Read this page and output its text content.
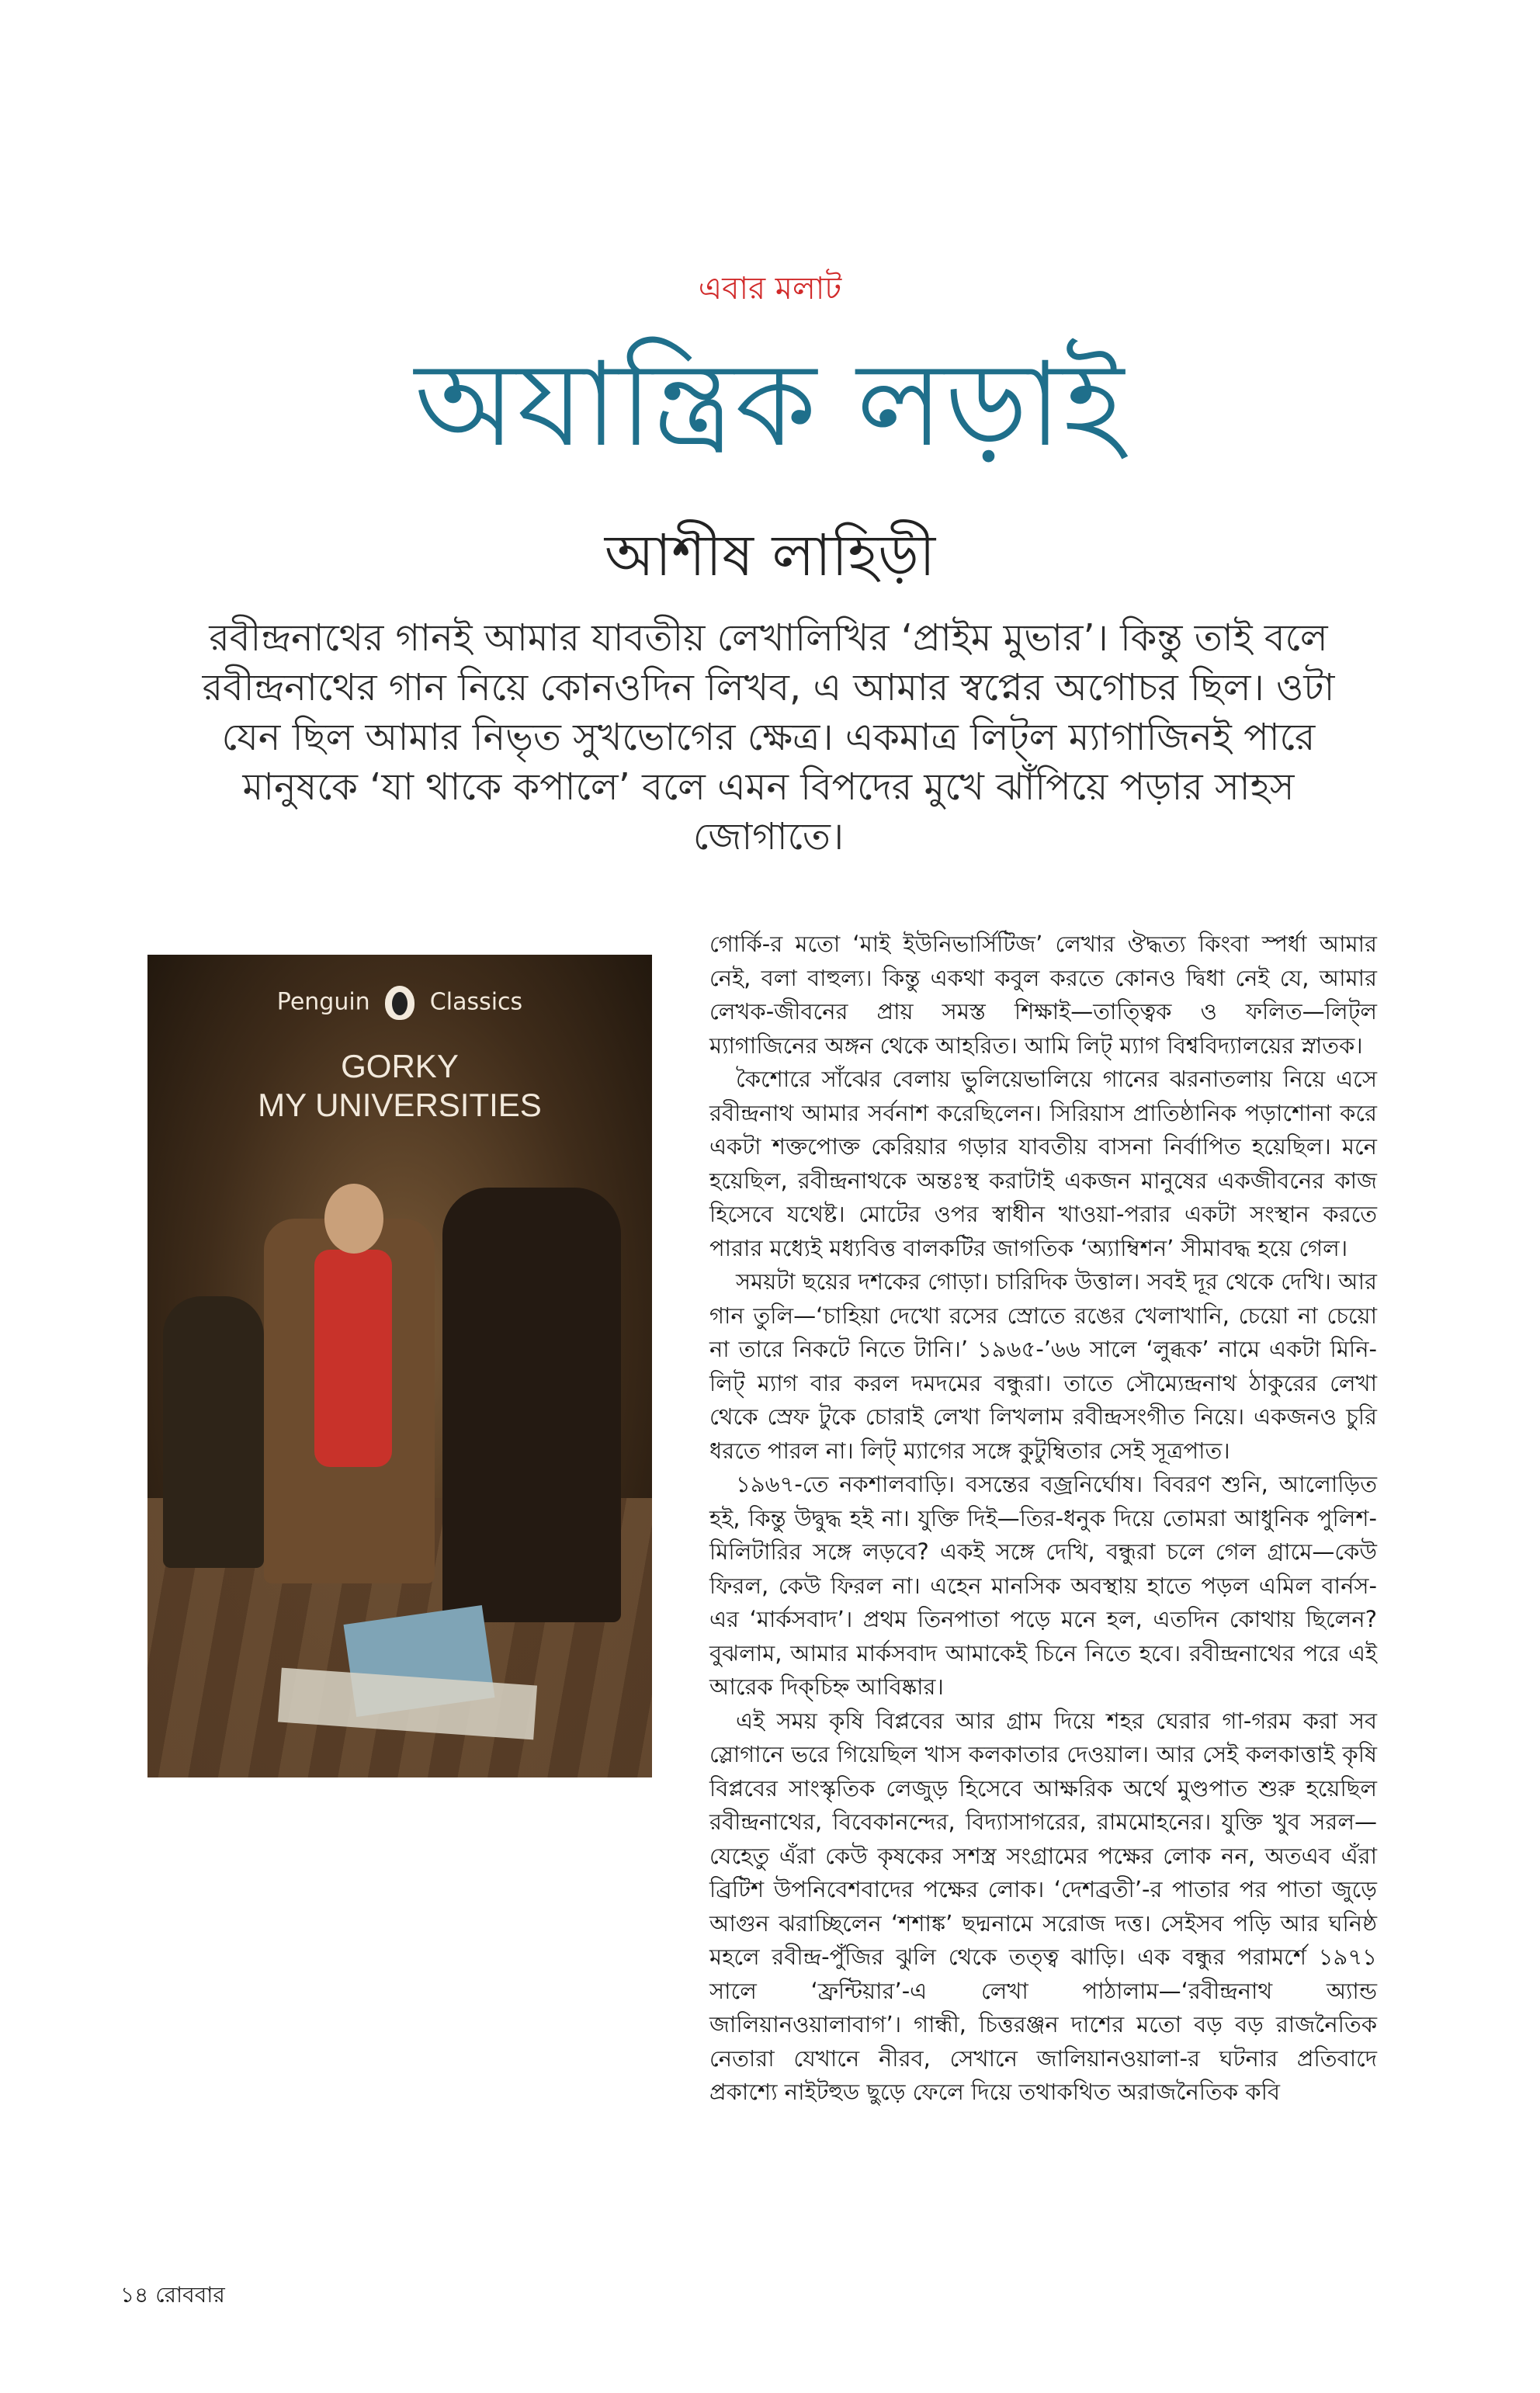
এবার মলাট
অযান্ত্রিক লড়াই
আশীষ লাহিড়ী
রবীন্দ্রনাথের গানই আমার যাবতীয় লেখালিখির ‘প্রাইম মুভার’। কিন্তু তাই বলে রবীন্দ্রনাথের গান নিয়ে কোনওদিন লিখব, এ আমার স্বপ্নের অগোচর ছিল। ওটা যেন ছিল আমার নিভৃত সুখভোগের ক্ষেত্র। একমাত্র লিট্‌ল ম্যাগাজিনই পারে মানুষকে ‘যা থাকে কপালে’ বলে এমন বিপদের মুখে ঝাঁপিয়ে পড়ার সাহস জোগাতে।
Penguin	Classics
GORKY
MY UNIVERSITIES

গোর্কি-র মতো ‘মাই ইউনিভার্সিটিজ’ লেখার ঔদ্ধত্য কিংবা স্পর্ধা আমার নেই, বলা বাহুল্য। কিন্তু একথা কবুল করতে কোনও দ্বিধা নেই যে, আমার লেখক-জীবনের প্রায় সমস্ত শিক্ষাই—তাত্ত্বিক ও ফলিত—লিট্‌ল ম্যাগাজিনের অঙ্গন থেকে আহরিত। আমি লিট্‌ ম্যাগ বিশ্ববিদ্যালয়ের স্নাতক।

কৈশোরে সাঁঝের বেলায় ভুলিয়েভালিয়ে গানের ঝরনাতলায় নিয়ে এসে রবীন্দ্রনাথ আমার সর্বনাশ করেছিলেন। সিরিয়াস প্রাতিষ্ঠানিক পড়াশোনা করে একটা শক্তপোক্ত কেরিয়ার গড়ার যাবতীয় বাসনা নির্বাপিত হয়েছিল। মনে হয়েছিল, রবীন্দ্রনাথকে অন্তঃস্থ করাটাই একজন মানুষের একজীবনের কাজ হিসেবে যথেষ্ট। মোটের ওপর স্বাধীন খাওয়া-পরার একটা সংস্থান করতে পারার মধ্যেই মধ্যবিত্ত বালকটির জাগতিক ‘অ্যাম্বিশন’ সীমাবদ্ধ হয়ে গেল।

সময়টা ছয়ের দশকের গোড়া। চারিদিক উত্তাল। সবই দূর থেকে দেখি। আর গান তুলি—‘চাহিয়া দেখো রসের স্রোতে রঙের খেলাখানি, চেয়ো না চেয়ো না তারে নিকটে নিতে টানি।’ ১৯৬৫-’৬৬ সালে ‘লুব্ধক’ নামে একটা মিনি-লিট্‌ ম্যাগ বার করল দমদমের বন্ধুরা। তাতে সৌম্যেন্দ্রনাথ ঠাকুরের লেখা থেকে স্রেফ টুকে চোরাই লেখা লিখলাম রবীন্দ্রসংগীত নিয়ে। একজনও চুরি ধরতে পারল না। লিট্‌ ম্যাগের সঙ্গে কুটুম্বিতার সেই সূত্রপাত।

১৯৬৭-তে নকশালবাড়ি। বসন্তের বজ্রনির্ঘোষ। বিবরণ শুনি, আলোড়িত হই, কিন্তু উদ্বুদ্ধ হই না। যুক্তি দিই—তির-ধনুক দিয়ে তোমরা আধুনিক পুলিশ-মিলিটারির সঙ্গে লড়বে? একই সঙ্গে দেখি, বন্ধুরা চলে গেল গ্রামে—কেউ ফিরল, কেউ ফিরল না। এহেন মানসিক অবস্থায় হাতে পড়ল এমিল বার্নস-এর ‘মার্কসবাদ’। প্রথম তিনপাতা পড়ে মনে হল, এতদিন কোথায় ছিলেন? বুঝলাম, আমার মার্কসবাদ আমাকেই চিনে নিতে হবে। রবীন্দ্রনাথের পরে এই আরেক দিক্‌চিহ্ন আবিষ্কার।

এই সময় কৃষি বিপ্লবের আর গ্রাম দিয়ে শহর ঘেরার গা-গরম করা সব স্লোগানে ভরে গিয়েছিল খাস কলকাতার দেওয়াল। আর সেই কলকাত্তাই কৃষি বিপ্লবের সাংস্কৃতিক লেজুড় হিসেবে আক্ষরিক অর্থে মুণ্ডপাত শুরু হয়েছিল রবীন্দ্রনাথের, বিবেকানন্দের, বিদ্যাসাগরের, রামমোহনের। যুক্তি খুব সরল—যেহেতু এঁরা কেউ কৃষকের সশস্ত্র সংগ্রামের পক্ষের লোক নন, অতএব এঁরা ব্রিটিশ উপনিবেশবাদের পক্ষের লোক। ‘দেশব্রতী’-র পাতার পর পাতা জুড়ে আগুন ঝরাচ্ছিলেন ‘শশাঙ্ক’ ছদ্মনামে সরোজ দত্ত। সেইসব পড়ি আর ঘনিষ্ঠ মহলে রবীন্দ্র-পুঁজির ঝুলি থেকে তত্ত্ব ঝাড়ি। এক বন্ধুর পরামর্শে ১৯৭১ সালে ‘ফ্রন্টিয়ার’-এ লেখা পাঠালাম—‘রবীন্দ্রনাথ অ্যান্ড জালিয়ানওয়ালাবাগ’। গান্ধী, চিত্তরঞ্জন দাশের মতো বড় বড় রাজনৈতিক নেতারা যেখানে নীরব, সেখানে জালিয়ানওয়ালা-র ঘটনার প্রতিবাদে প্রকাশ্যে নাইটহুড ছুড়ে ফেলে দিয়ে তথাকথিত অরাজনৈতিক কবি

১৪ রোববার
